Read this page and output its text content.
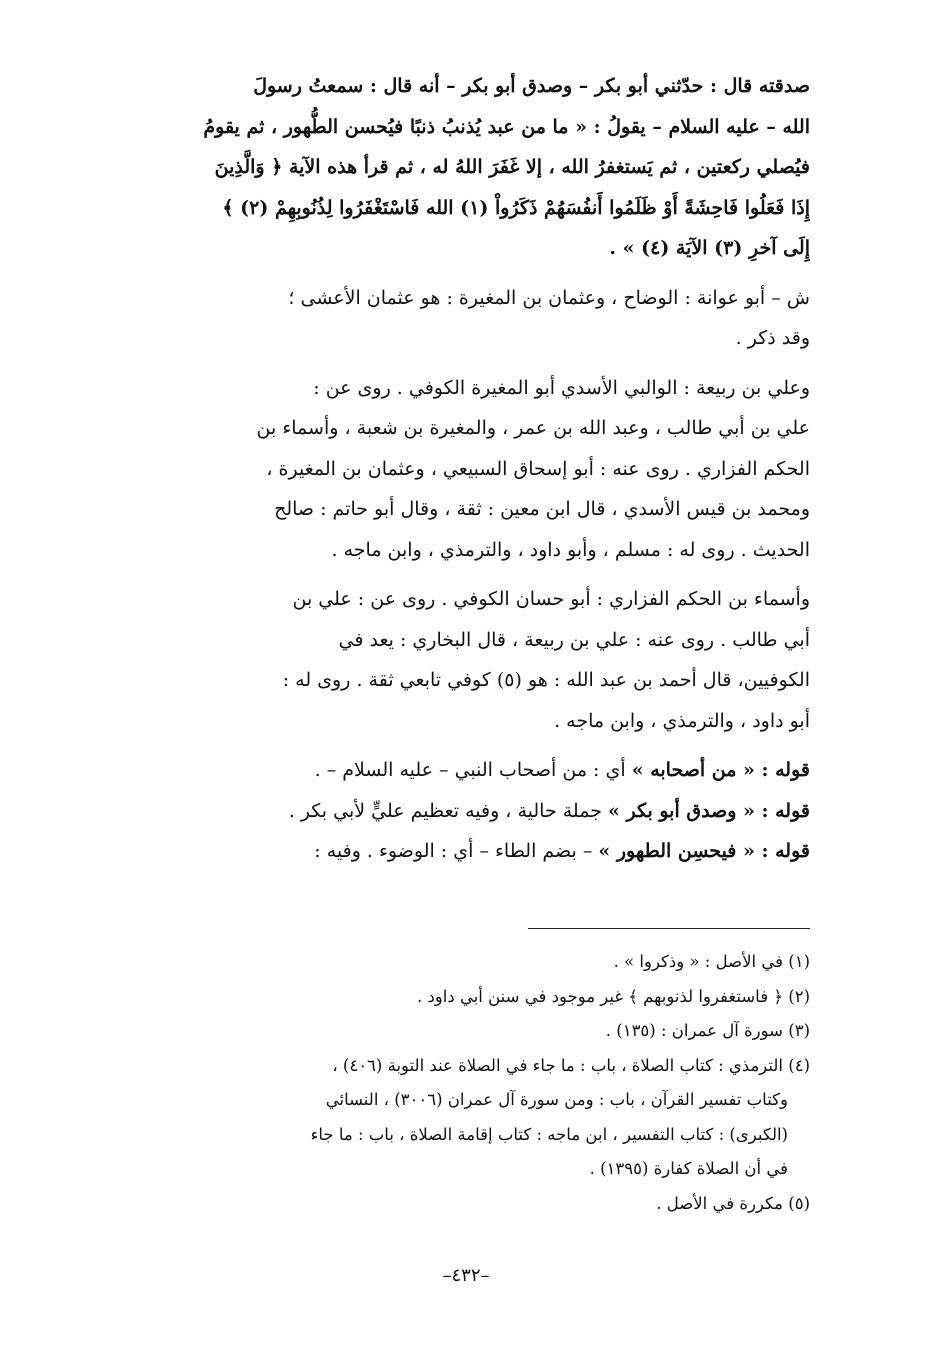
صدقته قال : حدّثني أبو بكر – وصدق أبو بكر – أنه قال : سمعتُ رسولَ
الله – عليه السلام – يقولُ : « ما من عبد يُذنبُ ذنبًا فيُحسن الطُّهور ، ثم يقومُ
فيُصلي ركعتين ، ثم يَستغفرُ الله ، إلا غَفَرَ اللهُ له ، ثم قرأ هذه الآية ﴿ وَالَّذِينَ
إِذَا فَعَلُوا فَاحِشَةً أَوْ ظَلَمُوا أَنفُسَهُمْ ذَكَرُواْ (١) الله فَاسْتَغْفَرُوا لِذُنُوبِهِمْ (٢) ﴾
إِلَى آخرِ (٣) الآيَة (٤) » .
ش – أبو عوانة : الوضاح ، وعثمان بن المغيرة : هو عثمان الأعشى ؛
وقد ذكر .
وعلي بن ربيعة : الوالبي الأسدي أبو المغيرة الكوفي . روى عن :
علي بن أبي طالب ، وعبد الله بن عمر ، والمغيرة بن شعبة ، وأسماء بن
الحكم الفزاري . روى عنه : أبو إسحاق السبيعي ، وعثمان بن المغيرة ،
ومحمد بن قيس الأسدي ، قال ابن معين : ثقة ، وقال أبو حاتم : صالح
الحديث . روى له : مسلم ، وأبو داود ، والترمذي ، وابن ماجه .
وأسماء بن الحكم الفزاري : أبو حسان الكوفي . روى عن : علي بن
أبي طالب . روى عنه : علي بن ربيعة ، قال البخاري : يعد في
الكوفيين، قال أحمد بن عبد الله : هو (٥) كوفي تابعي ثقة . روى له :
أبو داود ، والترمذي ، وابن ماجه .
قوله : « من أصحابه » أي : من أصحاب النبي – عليه السلام – .
قوله : « وصدق أبو بكر » جملة حالية ، وفيه تعظيم عليٍّ لأبي بكر .
قوله : « فيحسِن الطهور » – بضم الطاء – أي : الوضوء . وفيه :
(١) في الأصل : « وذكروا » .
(٢) ﴿ فاستغفروا لذنوبهم ﴾ غير موجود في سنن أبي داود .
(٣) سورة آل عمران : (١٣٥) .
(٤) الترمذي : كتاب الصلاة ، باب : ما جاء في الصلاة عند التوبة (٤٠٦) ،
وكتاب تفسير القرآن ، باب : ومن سورة آل عمران (٣٠٠٦) ، النسائي
(الكبرى) : كتاب التفسير ، ابن ماجه : كتاب إقامة الصلاة ، باب : ما جاء
في أن الصلاة كفارة (١٣٩٥) .
(٥) مكررة في الأصل .
–٤٣٢–
